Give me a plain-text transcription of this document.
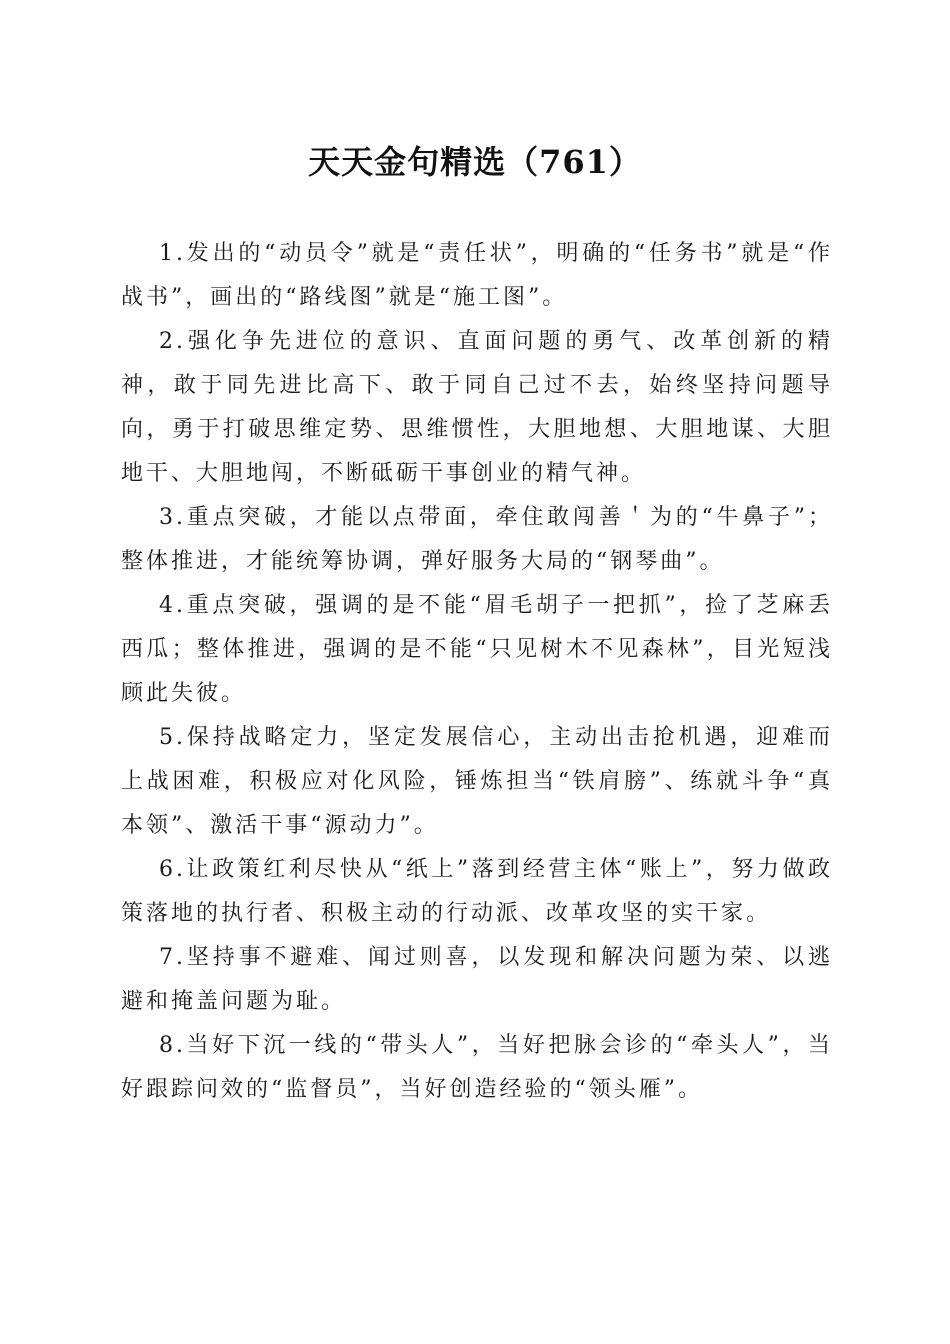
天天金句精选（761）

1.发出的“动员令”就是“责任状”，明确的“任务书”就是“作战书”，画出的“路线图”就是“施工图”。

2.强化争先进位的意识、直面问题的勇气、改革创新的精神，敢于同先进比高下、敢于同自己过不去，始终坚持问题导向，勇于打破思维定势、思维惯性，大胆地想、大胆地谋、大胆地干、大胆地闯，不断砥砺干事创业的精气神。

3.重点突破，才能以点带面，牵住敢闯善＇为的“牛鼻子”；整体推进，才能统筹协调，弹好服务大局的“钢琴曲”。

4.重点突破，强调的是不能“眉毛胡子一把抓”，捡了芝麻丢西瓜；整体推进，强调的是不能“只见树木不见森林”，目光短浅顾此失彼。

5.保持战略定力，坚定发展信心，主动出击抢机遇，迎难而上战困难，积极应对化风险，锤炼担当“铁肩膀”、练就斗争“真本领”、激活干事“源动力”。

6.让政策红利尽快从“纸上”落到经营主体“账上”，努力做政策落地的执行者、积极主动的行动派、改革攻坚的实干家。

7.坚持事不避难、闻过则喜，以发现和解决问题为荣、以逃避和掩盖问题为耻。

8.当好下沉一线的“带头人”，当好把脉会诊的“牵头人”，当好跟踪问效的“监督员”，当好创造经验的“领头雁”。
